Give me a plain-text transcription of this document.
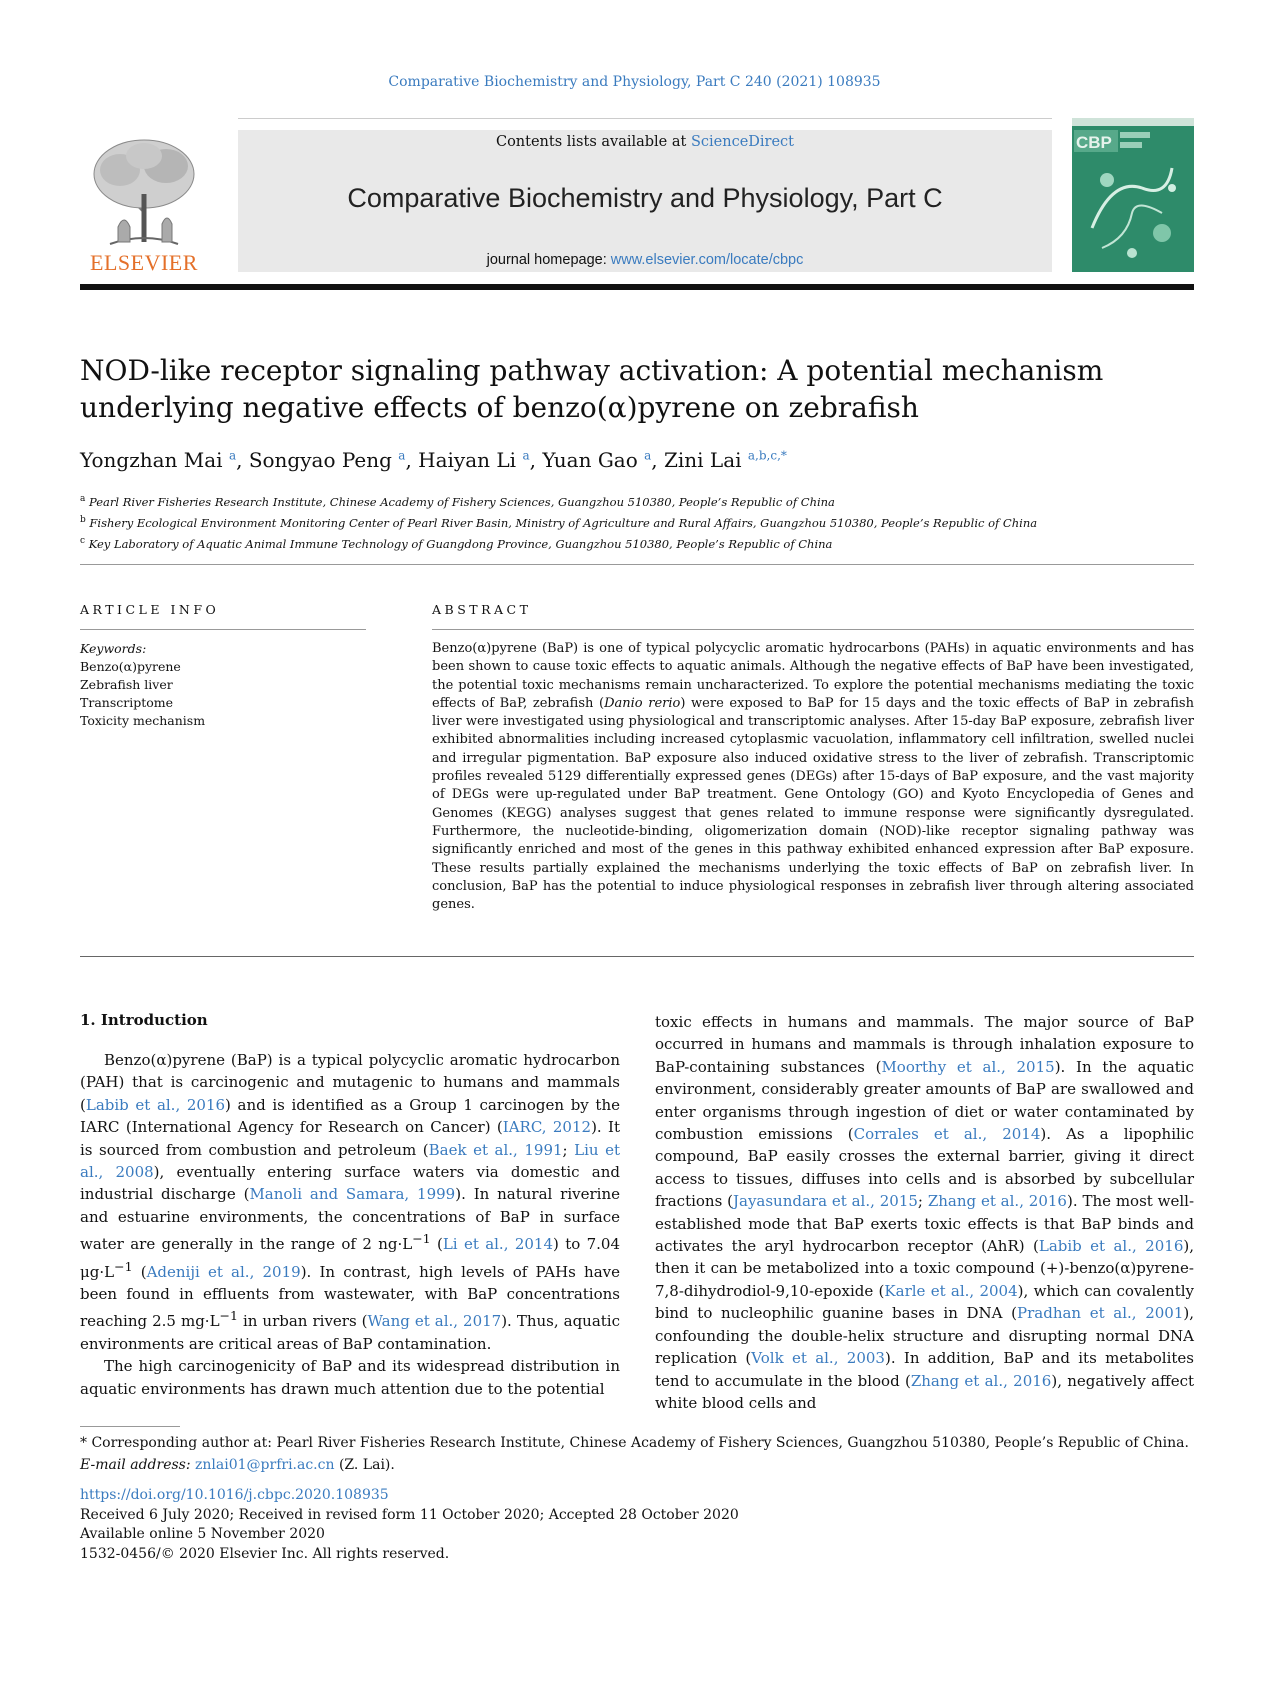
Comparative Biochemistry and Physiology, Part C 240 (2021) 108935
ELSEVIER
Contents lists available at ScienceDirect
Comparative Biochemistry and Physiology, Part C
journal homepage: www.elsevier.com/locate/cbpc
CBP
NOD-like receptor signaling pathway activation: A potential mechanism underlying negative effects of benzo(α)pyrene on zebrafish
Yongzhan Mai $^a$, Songyao Peng $^a$, Haiyan Li $^a$, Yuan Gao $^a$, Zini Lai $^{a,b,c,*}$
$^a$ Pearl River Fisheries Research Institute, Chinese Academy of Fishery Sciences, Guangzhou 510380, People’s Republic of China
$^b$ Fishery Ecological Environment Monitoring Center of Pearl River Basin, Ministry of Agriculture and Rural Affairs, Guangzhou 510380, People’s Republic of China
$^c$ Key Laboratory of Aquatic Animal Immune Technology of Guangdong Province, Guangzhou 510380, People’s Republic of China
ARTICLE INFO	ABSTRACT
Keywords:
Benzo(α)pyrene
Zebrafish liver
Transcriptome
Toxicity mechanism
Benzo(α)pyrene (BaP) is one of typical polycyclic aromatic hydrocarbons (PAHs) in aquatic environments and has been shown to cause toxic effects to aquatic animals. Although the negative effects of BaP have been investigated, the potential toxic mechanisms remain uncharacterized. To explore the potential mechanisms mediating the toxic effects of BaP, zebrafish (Danio rerio) were exposed to BaP for 15 days and the toxic effects of BaP in zebrafish liver were investigated using physiological and transcriptomic analyses. After 15-day BaP exposure, zebrafish liver exhibited abnormalities including increased cytoplasmic vacuolation, inflammatory cell infiltration, swelled nuclei and irregular pigmentation. BaP exposure also induced oxidative stress to the liver of zebrafish. Transcriptomic profiles revealed 5129 differentially expressed genes (DEGs) after 15-days of BaP exposure, and the vast majority of DEGs were up-regulated under BaP treatment. Gene Ontology (GO) and Kyoto Encyclopedia of Genes and Genomes (KEGG) analyses suggest that genes related to immune response were significantly dysregulated. Furthermore, the nucleotide-binding, oligomerization domain (NOD)-like receptor signaling pathway was significantly enriched and most of the genes in this pathway exhibited enhanced expression after BaP exposure. These results partially explained the mechanisms underlying the toxic effects of BaP on zebrafish liver. In conclusion, BaP has the potential to induce physiological responses in zebrafish liver through altering associated genes.
1. Introduction

Benzo(α)pyrene (BaP) is a typical polycyclic aromatic hydrocarbon (PAH) that is carcinogenic and mutagenic to humans and mammals (Labib et al., 2016) and is identified as a Group 1 carcinogen by the IARC (International Agency for Research on Cancer) (IARC, 2012). It is sourced from combustion and petroleum (Baek et al., 1991; Liu et al., 2008), eventually entering surface waters via domestic and industrial discharge (Manoli and Samara, 1999). In natural riverine and estuarine environments, the concentrations of BaP in surface water are generally in the range of 2 $ng\cdot L^{-1}$ (Li et al., 2014) to 7.04 $\mu g\cdot L^{-1}$ (Adeniji et al., 2019). In contrast, high levels of PAHs have been found in effluents from wastewater, with BaP concentrations reaching 2.5 $mg\cdot L^{-1}$ in urban rivers (Wang et al., 2017). Thus, aquatic environments are critical areas of BaP contamination.

The high carcinogenicity of BaP and its widespread distribution in aquatic environments has drawn much attention due to the potential

toxic effects in humans and mammals. The major source of BaP occurred in humans and mammals is through inhalation exposure to BaP-containing substances (Moorthy et al., 2015). In the aquatic environment, considerably greater amounts of BaP are swallowed and enter organisms through ingestion of diet or water contaminated by combustion emissions (Corrales et al., 2014). As a lipophilic compound, BaP easily crosses the external barrier, giving it direct access to tissues, diffuses into cells and is absorbed by subcellular fractions (Jayasundara et al., 2015; Zhang et al., 2016). The most well-established mode that BaP exerts toxic effects is that BaP binds and activates the aryl hydrocarbon receptor (AhR) (Labib et al., 2016), then it can be metabolized into a toxic compound (+)-benzo(α)pyrene-7,8-dihydrodiol-9,10-epoxide (Karle et al., 2004), which can covalently bind to nucleophilic guanine bases in DNA (Pradhan et al., 2001), confounding the double-helix structure and disrupting normal DNA replication (Volk et al., 2003). In addition, BaP and its metabolites tend to accumulate in the blood (Zhang et al., 2016), negatively affect white blood cells and

* Corresponding author at: Pearl River Fisheries Research Institute, Chinese Academy of Fishery Sciences, Guangzhou 510380, People’s Republic of China.
E-mail address: znlai01@prfri.ac.cn (Z. Lai).
https://doi.org/10.1016/j.cbpc.2020.108935
Received 6 July 2020; Received in revised form 11 October 2020; Accepted 28 October 2020
Available online 5 November 2020
1532-0456/© 2020 Elsevier Inc. All rights reserved.
